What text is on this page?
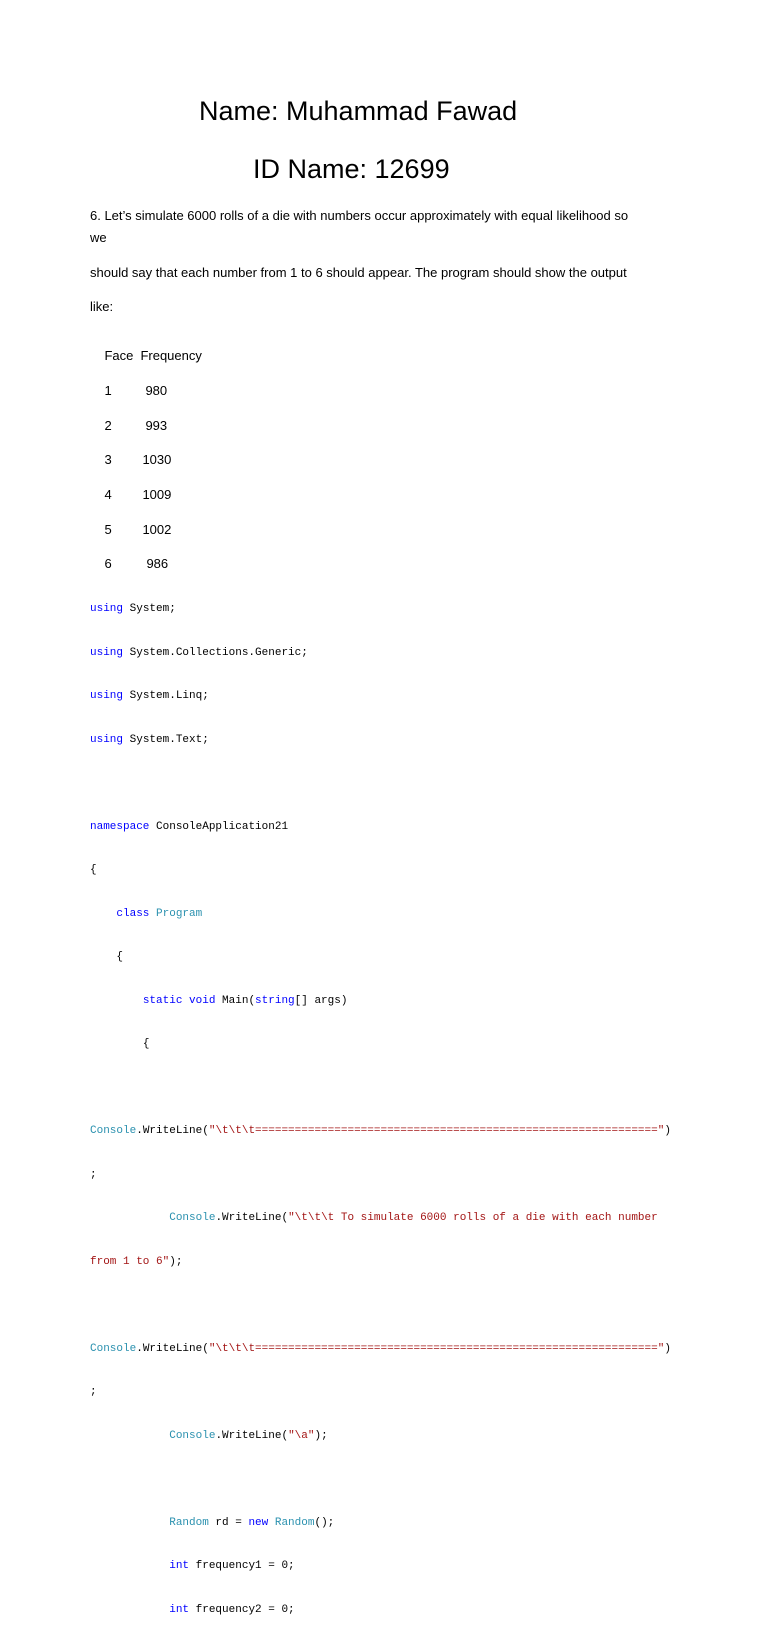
Name: Muhammad Fawad
ID Name: 12699
6. Let’s simulate 6000 rolls of a die with numbers occur approximately with equal likelihood so
we
should say that each number from 1 to 6 should appear. The program should show the output
like:

Face Frequency

1	980

2	993

3 1030

4 1009

5 1002

6	986

using System;

using System.Collections.Generic;

using System.Linq;

using System.Text;

namespace ConsoleApplication21

{

class Program

{

static void Main(string[] args)

{

Console.WriteLine("\t\t\t=============================================================")

;

Console.WriteLine("\t\t\t To simulate 6000 rolls of a die with each number

from 1 to 6");

Console.WriteLine("\t\t\t=============================================================")

;

Console.WriteLine("\a");

Random rd = new Random();

int frequency1 = 0;

int frequency2 = 0;
